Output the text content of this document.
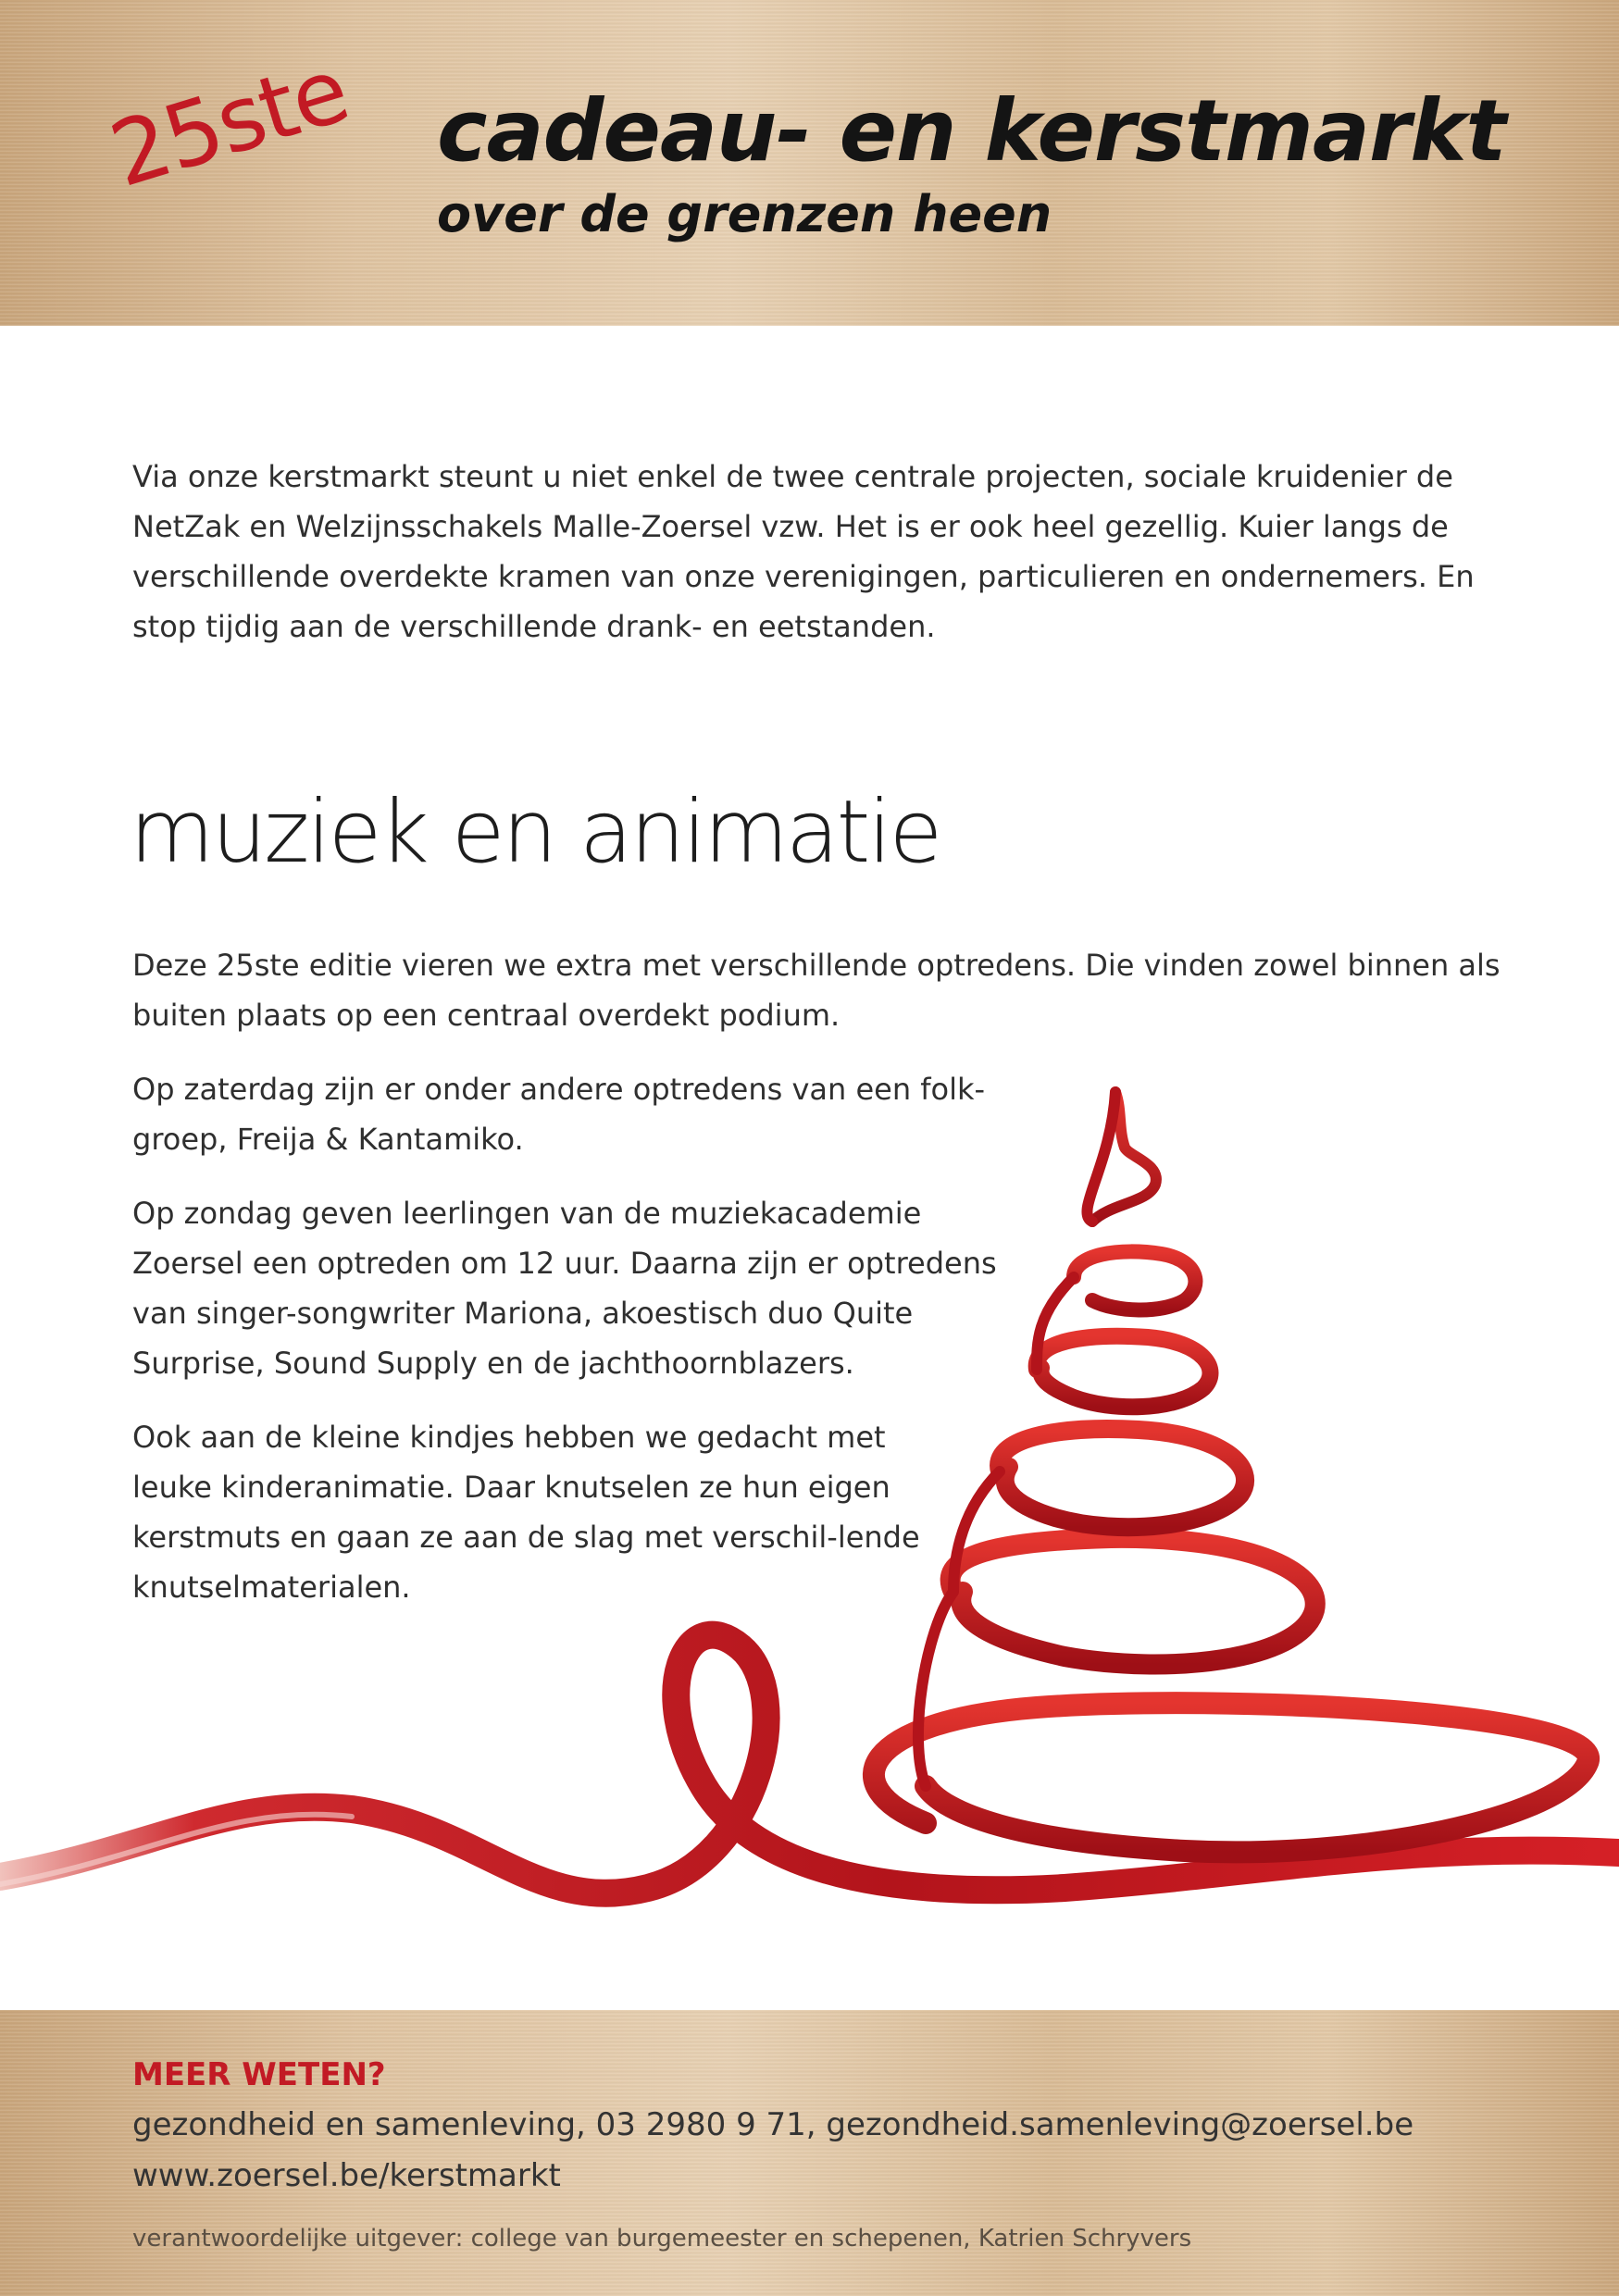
25ste cadeau- en kerstmarkt
over de grenzen heen

Via onze kerstmarkt steunt u niet enkel de twee centrale projecten, sociale kruidenier de NetZak en Welzijnsschakels Malle-Zoersel vzw. Het is er ook heel gezellig. Kuier langs de verschillende overdekte kramen van onze verenigingen, particulieren en ondernemers. En stop tijdig aan de verschillende drank- en eetstanden.

muziek en animatie

Deze 25ste editie vieren we extra met verschillende optredens. Die vinden zowel binnen als buiten plaats op een centraal overdekt podium.

Op zaterdag zijn er onder andere optredens van een folk-groep, Freija & Kantamiko.

Op zondag geven leerlingen van de muziekacademie Zoersel een optreden om 12 uur. Daarna zijn er optredens van singer-songwriter Mariona, akoestisch duo Quite Surprise, Sound Supply en de jachthoornblazers.

Ook aan de kleine kindjes hebben we gedacht met leuke kinderanimatie. Daar knutselen ze hun eigen kerstmuts en gaan ze aan de slag met verschil-lende knutselmaterialen.

MEER WETEN?
gezondheid en samenleving, 03 2980 9 71, gezondheid.samenleving@zoersel.be
www.zoersel.be/kerstmarkt
verantwoordelijke uitgever: college van burgemeester en schepenen, Katrien Schryvers
